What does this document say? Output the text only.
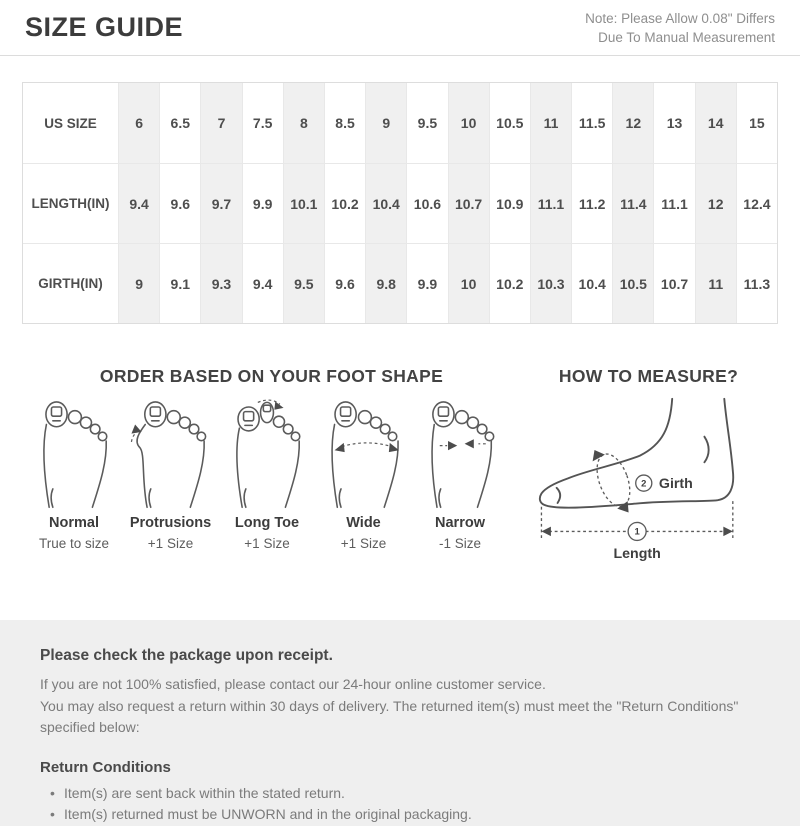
SIZE GUIDE	Note: Please Allow 0.08" Differs
Due To Manual Measurement
US SIZE	6	6.5	7	7.5	8	8.5	9	9.5	10	10.5	11	11.5	12	13	14	15
LENGTH(IN)	9.4	9.6	9.7	9.9	10.1 10.2 10.4 10.6 10.7 10.9	11.1	11.2	11.4	11.1	12	12.4
GIRTH(IN)	9	9.1	9.3	9.4	9.5	9.6	9.8	9.9	10	10.2 10.3 10.4 10.5 10.7	11	11.3
ORDER BASED ON YOUR FOOT SHAPE
Normal
True to size
Protrusions
+1 Size
Long Toe
+1 Size
Wide
+1 Size
Narrow
-1 Size
HOW TO MEASURE?
2 Girth
1
Length
Please check the package upon receipt.
If you are not 100% satisfied, please contact our 24-hour online customer service.
You may also request a return within 30 days of delivery. The returned item(s) must meet the "Return Conditions"
specified below:
Return Conditions
• Item(s) are sent back within the stated return.
• Item(s) returned must be UNWORN and in the original packaging.
